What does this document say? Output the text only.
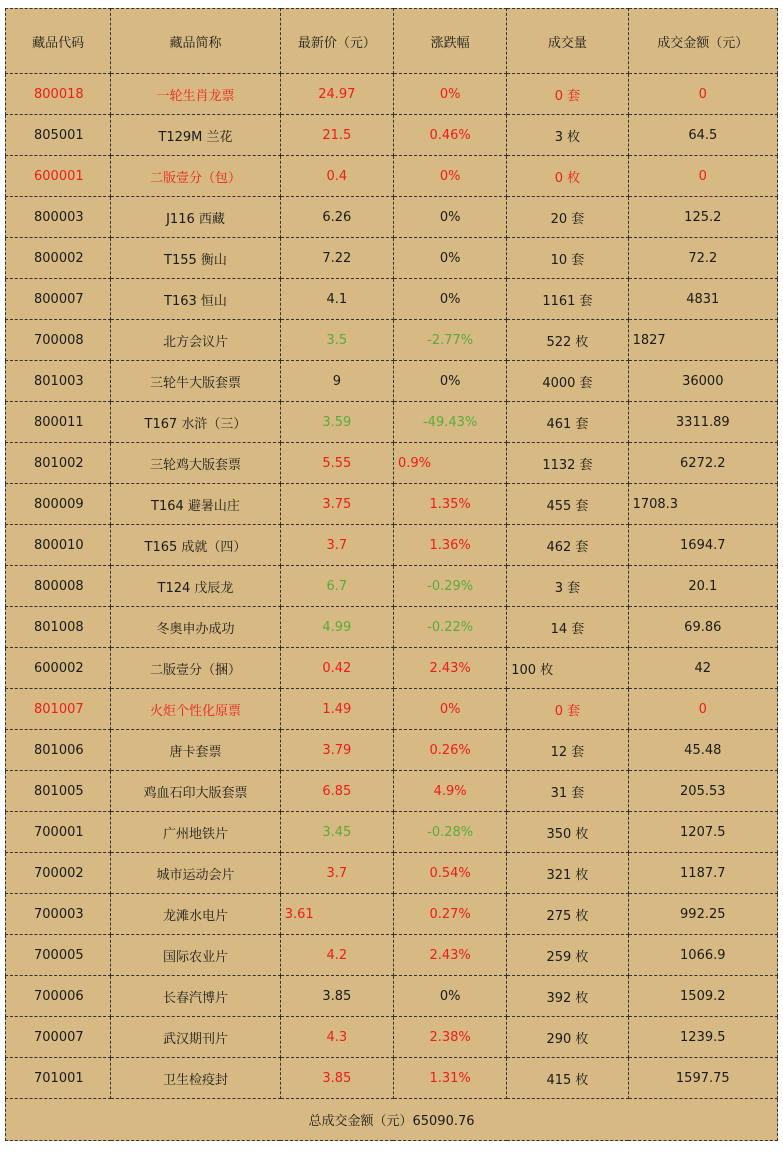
藏品代码	藏品简称	最新价（元）	涨跌幅	成交量	成交金额（元）
800018	一轮生肖龙票	24.97	0%	0 套	0
805001	T129M 兰花	21.5	0.46%	3 枚	64.5
600001	二版壹分（包）	0.4	0%	0 枚	0
800003	J116 西藏	6.26	0%	20 套	125.2
800002	T155 衡山	7.22	0%	10 套	72.2
800007	T163 恒山	4.1	0%	1161 套	4831
700008	北方会议片	3.5	-2.77%	522 枚	1827
801003	三轮牛大版套票	9	0%	4000 套	36000
800011	T167 水浒（三）	3.59	-49.43%	461 套	3311.89
801002	三轮鸡大版套票	5.55	0.9%	1132 套	6272.2
800009	T164 避暑山庄	3.75	1.35%	455 套	1708.3
800010	T165 成就（四）	3.7	1.36%	462 套	1694.7
800008	T124 戊辰龙	6.7	-0.29%	3 套	20.1
801008	冬奥申办成功	4.99	-0.22%	14 套	69.86
600002	二版壹分（捆）	0.42	2.43%	100 枚	42
801007	火炬个性化原票	1.49	0%	0 套	0
801006	唐卡套票	3.79	0.26%	12 套	45.48
801005	鸡血石印大版套票	6.85	4.9%	31 套	205.53
700001	广州地铁片	3.45	-0.28%	350 枚	1207.5
700002	城市运动会片	3.7	0.54%	321 枚	1187.7
700003	龙滩水电片	3.61	0.27%	275 枚	992.25
700005	国际农业片	4.2	2.43%	259 枚	1066.9
700006	长春汽博片	3.85	0%	392 枚	1509.2
700007	武汉期刊片	4.3	2.38%	290 枚	1239.5
701001	卫生检疫封	3.85	1.31%	415 枚	1597.75
总成交金额（元）65090.76					
